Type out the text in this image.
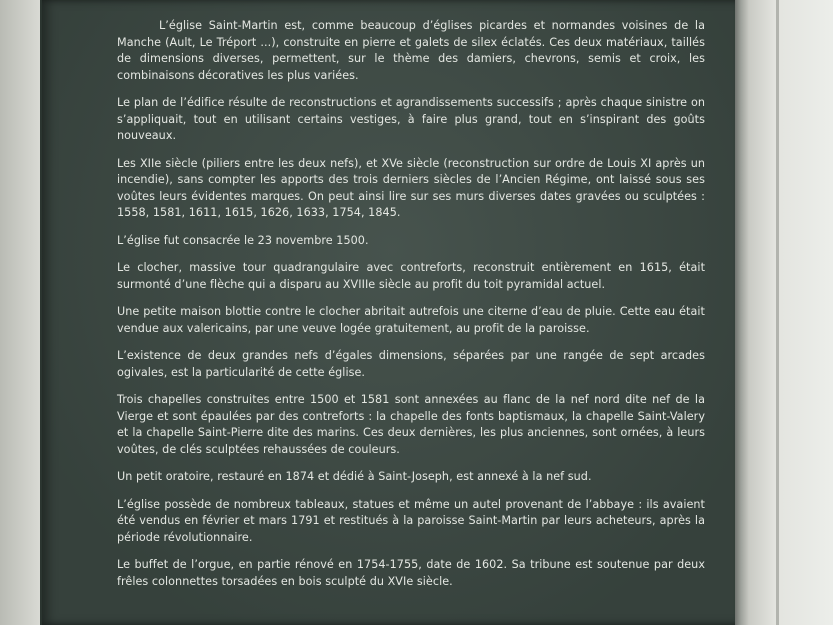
L’église Saint-Martin est, comme beaucoup d’églises picardes et normandes voisines de la Manche (Ault, Le Tréport ...), construite en pierre et galets de silex éclatés. Ces deux matériaux, taillés de dimensions diverses, permettent, sur le thème des damiers, chevrons, semis et croix, les combinaisons décoratives les plus variées.

Le plan de l’édifice résulte de reconstructions et agrandissements successifs ; après chaque sinistre on s’appliquait, tout en utilisant certains vestiges, à faire plus grand, tout en s’inspirant des goûts nouveaux.

Les XIIe siècle (piliers entre les deux nefs), et XVe siècle (reconstruction sur ordre de Louis XI après un incendie), sans compter les apports des trois derniers siècles de l’Ancien Régime, ont laissé sous ses voûtes leurs évidentes marques. On peut ainsi lire sur ses murs diverses dates gravées ou sculptées : 1558, 1581, 1611, 1615, 1626, 1633, 1754, 1845.

L’église fut consacrée le 23 novembre 1500.

Le clocher, massive tour quadrangulaire avec contreforts, reconstruit entièrement en 1615, était surmonté d’une flèche qui a disparu au XVIIIe siècle au profit du toit pyramidal actuel.

Une petite maison blottie contre le clocher abritait autrefois une citerne d’eau de pluie. Cette eau était vendue aux valericains, par une veuve logée gratuitement, au profit de la paroisse.

L’existence de deux grandes nefs d’égales dimensions, séparées par une rangée de sept arcades ogivales, est la particularité de cette église.

Trois chapelles construites entre 1500 et 1581 sont annexées au flanc de la nef nord dite nef de la Vierge et sont épaulées par des contreforts : la chapelle des fonts baptismaux, la chapelle Saint-Valery et la chapelle Saint-Pierre dite des marins. Ces deux dernières, les plus anciennes, sont ornées, à leurs voûtes, de clés sculptées rehaussées de couleurs.

Un petit oratoire, restauré en 1874 et dédié à Saint-Joseph, est annexé à la nef sud.

L’église possède de nombreux tableaux, statues et même un autel provenant de l’abbaye : ils avaient été vendus en février et mars 1791 et restitués à la paroisse Saint-Martin par leurs acheteurs, après la période révolutionnaire.

Le buffet de l’orgue, en partie rénové en 1754-1755, date de 1602. Sa tribune est soutenue par deux frêles colonnettes torsadées en bois sculpté du XVIe siècle.
